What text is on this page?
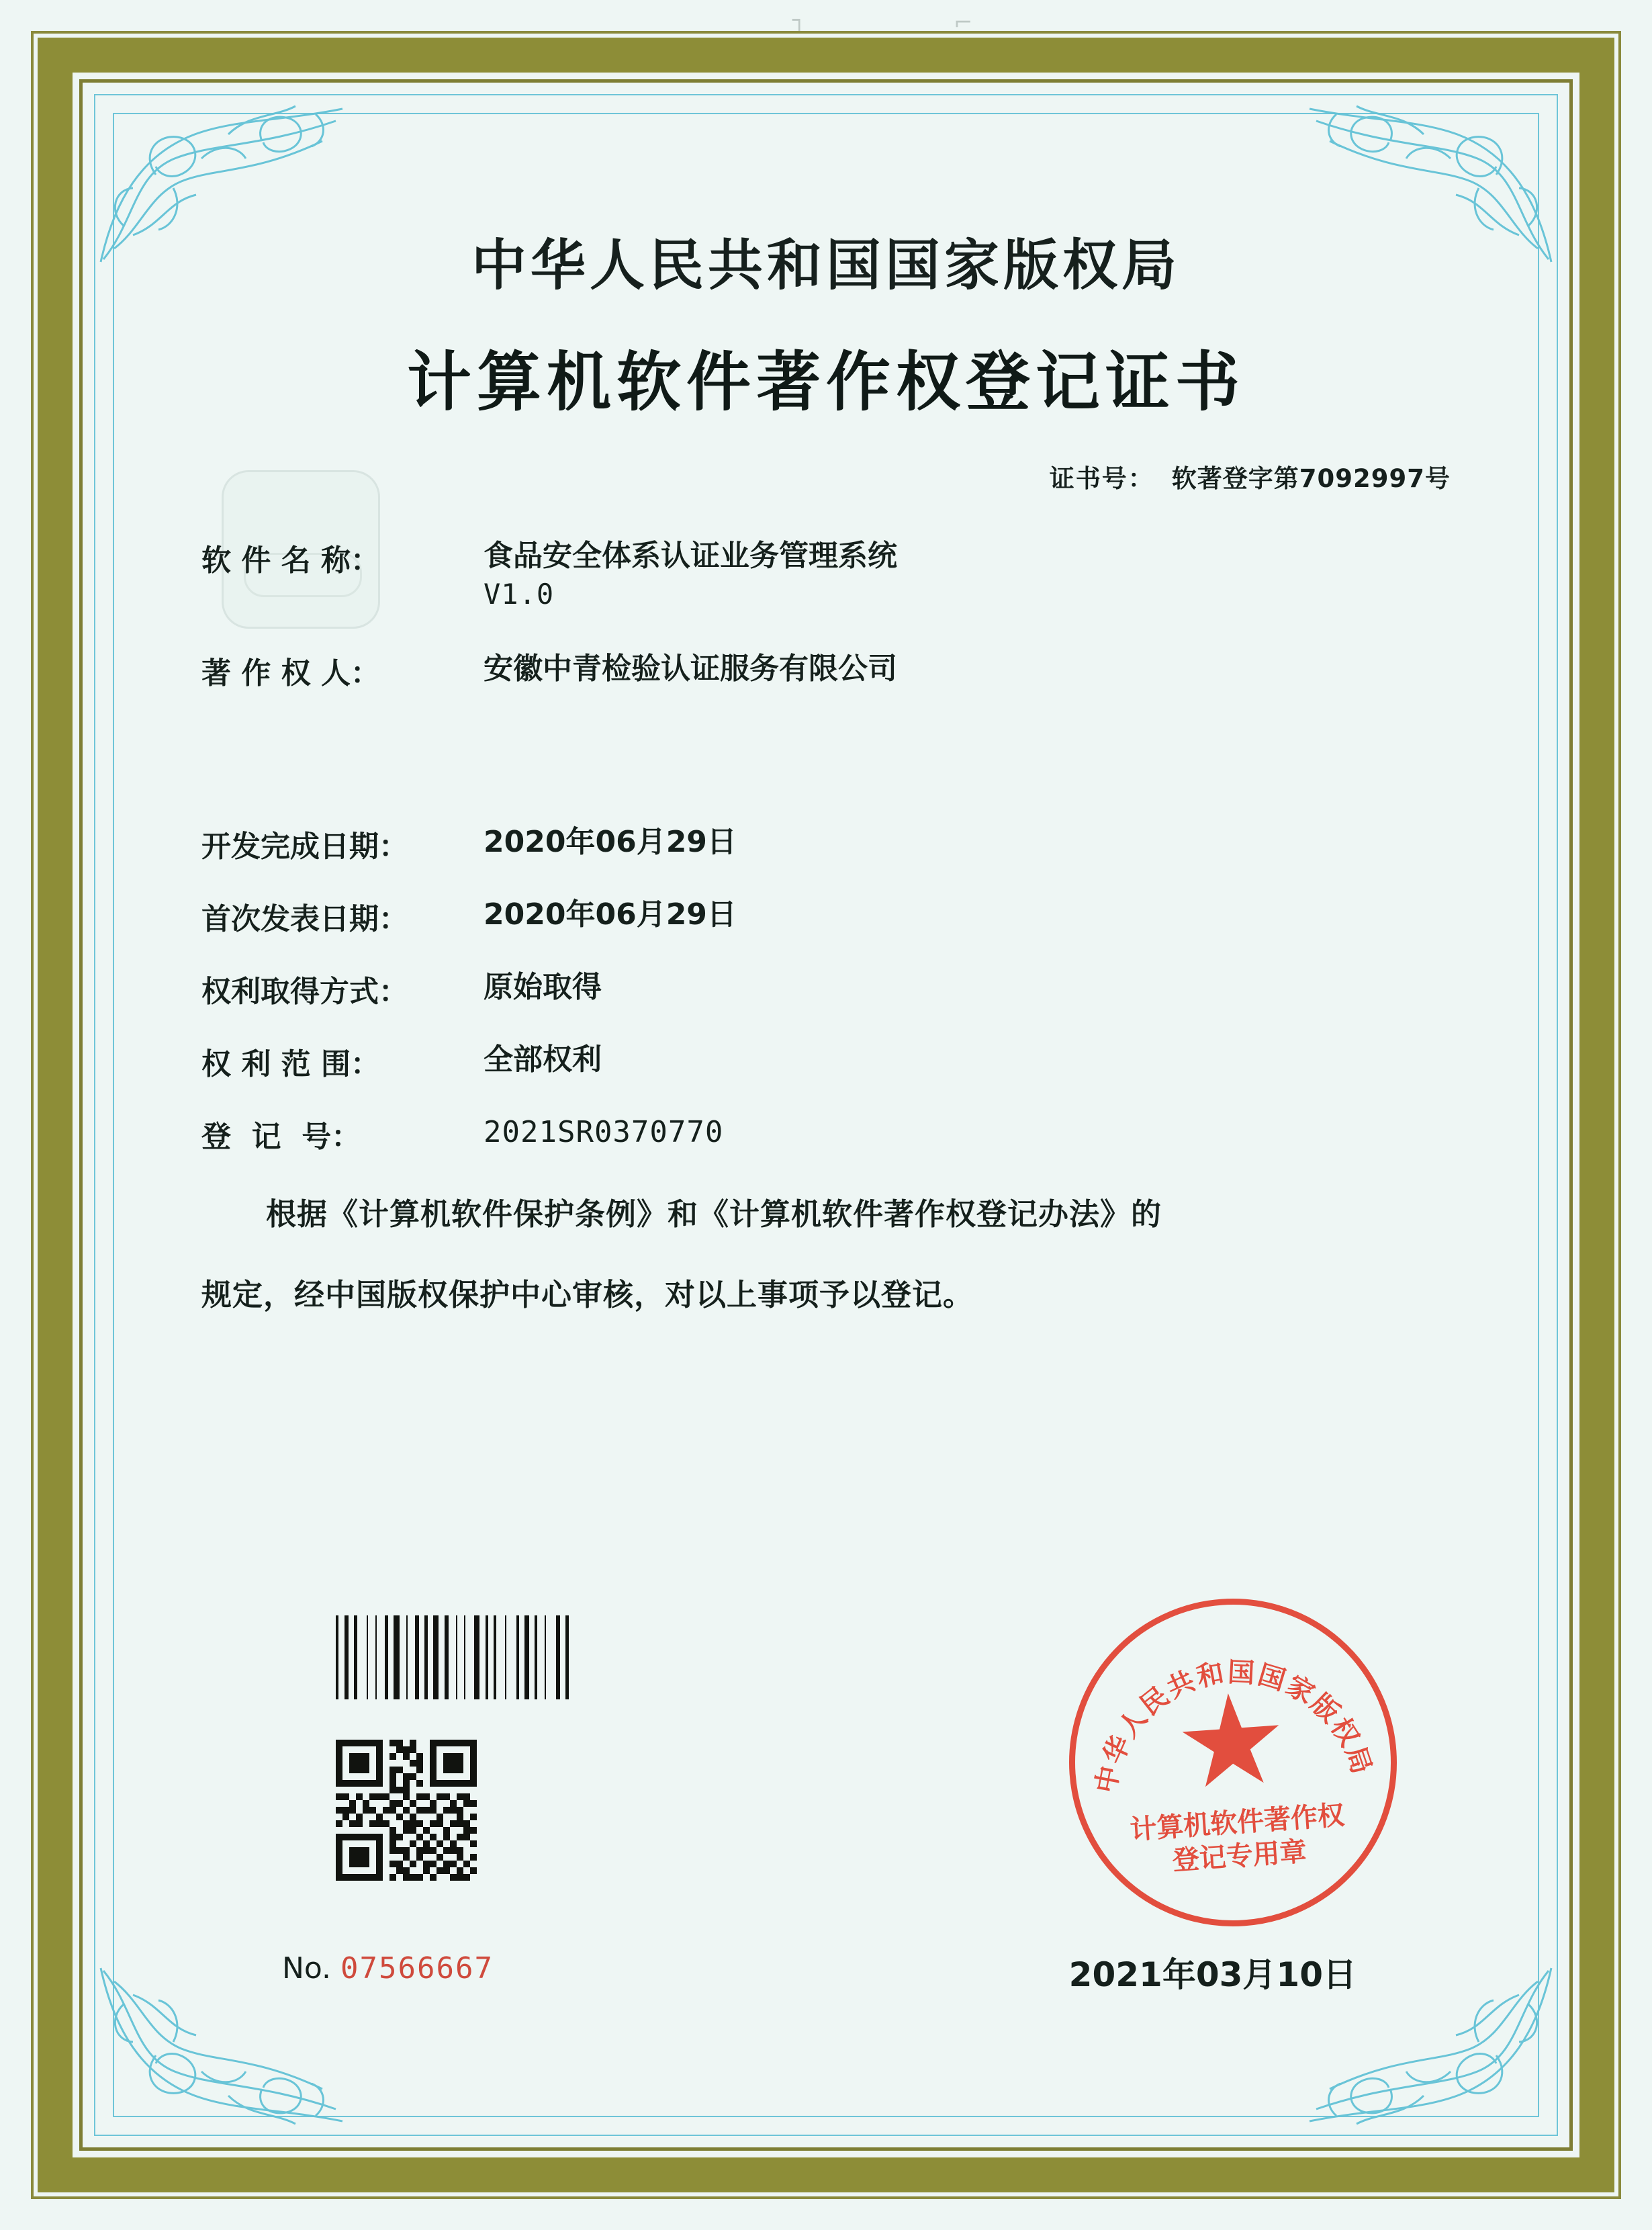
┐	⌐
中华人民共和国国家版权局
计算机软件著作权登记证书
证书号： 软著登字第7092997号
软 件 名 称：	食品安全体系认证业务管理系统
V1.0
著 作 权 人：	安徽中青检验认证服务有限公司
开发完成日期：	2020年06月29日
首次发表日期：	2020年06月29日
权利取得方式：	原始取得
权 利 范 围：	全部权利
登  记  号：	2021SR0370770

根据《计算机软件保护条例》和《计算机软件著作权登记办法》的

规定，经中国版权保护中心审核，对以上事项予以登记。

中华人民共和国国家版权局
计算机软件著作权
登记专用章
No. 07566667	2021年03月10日
